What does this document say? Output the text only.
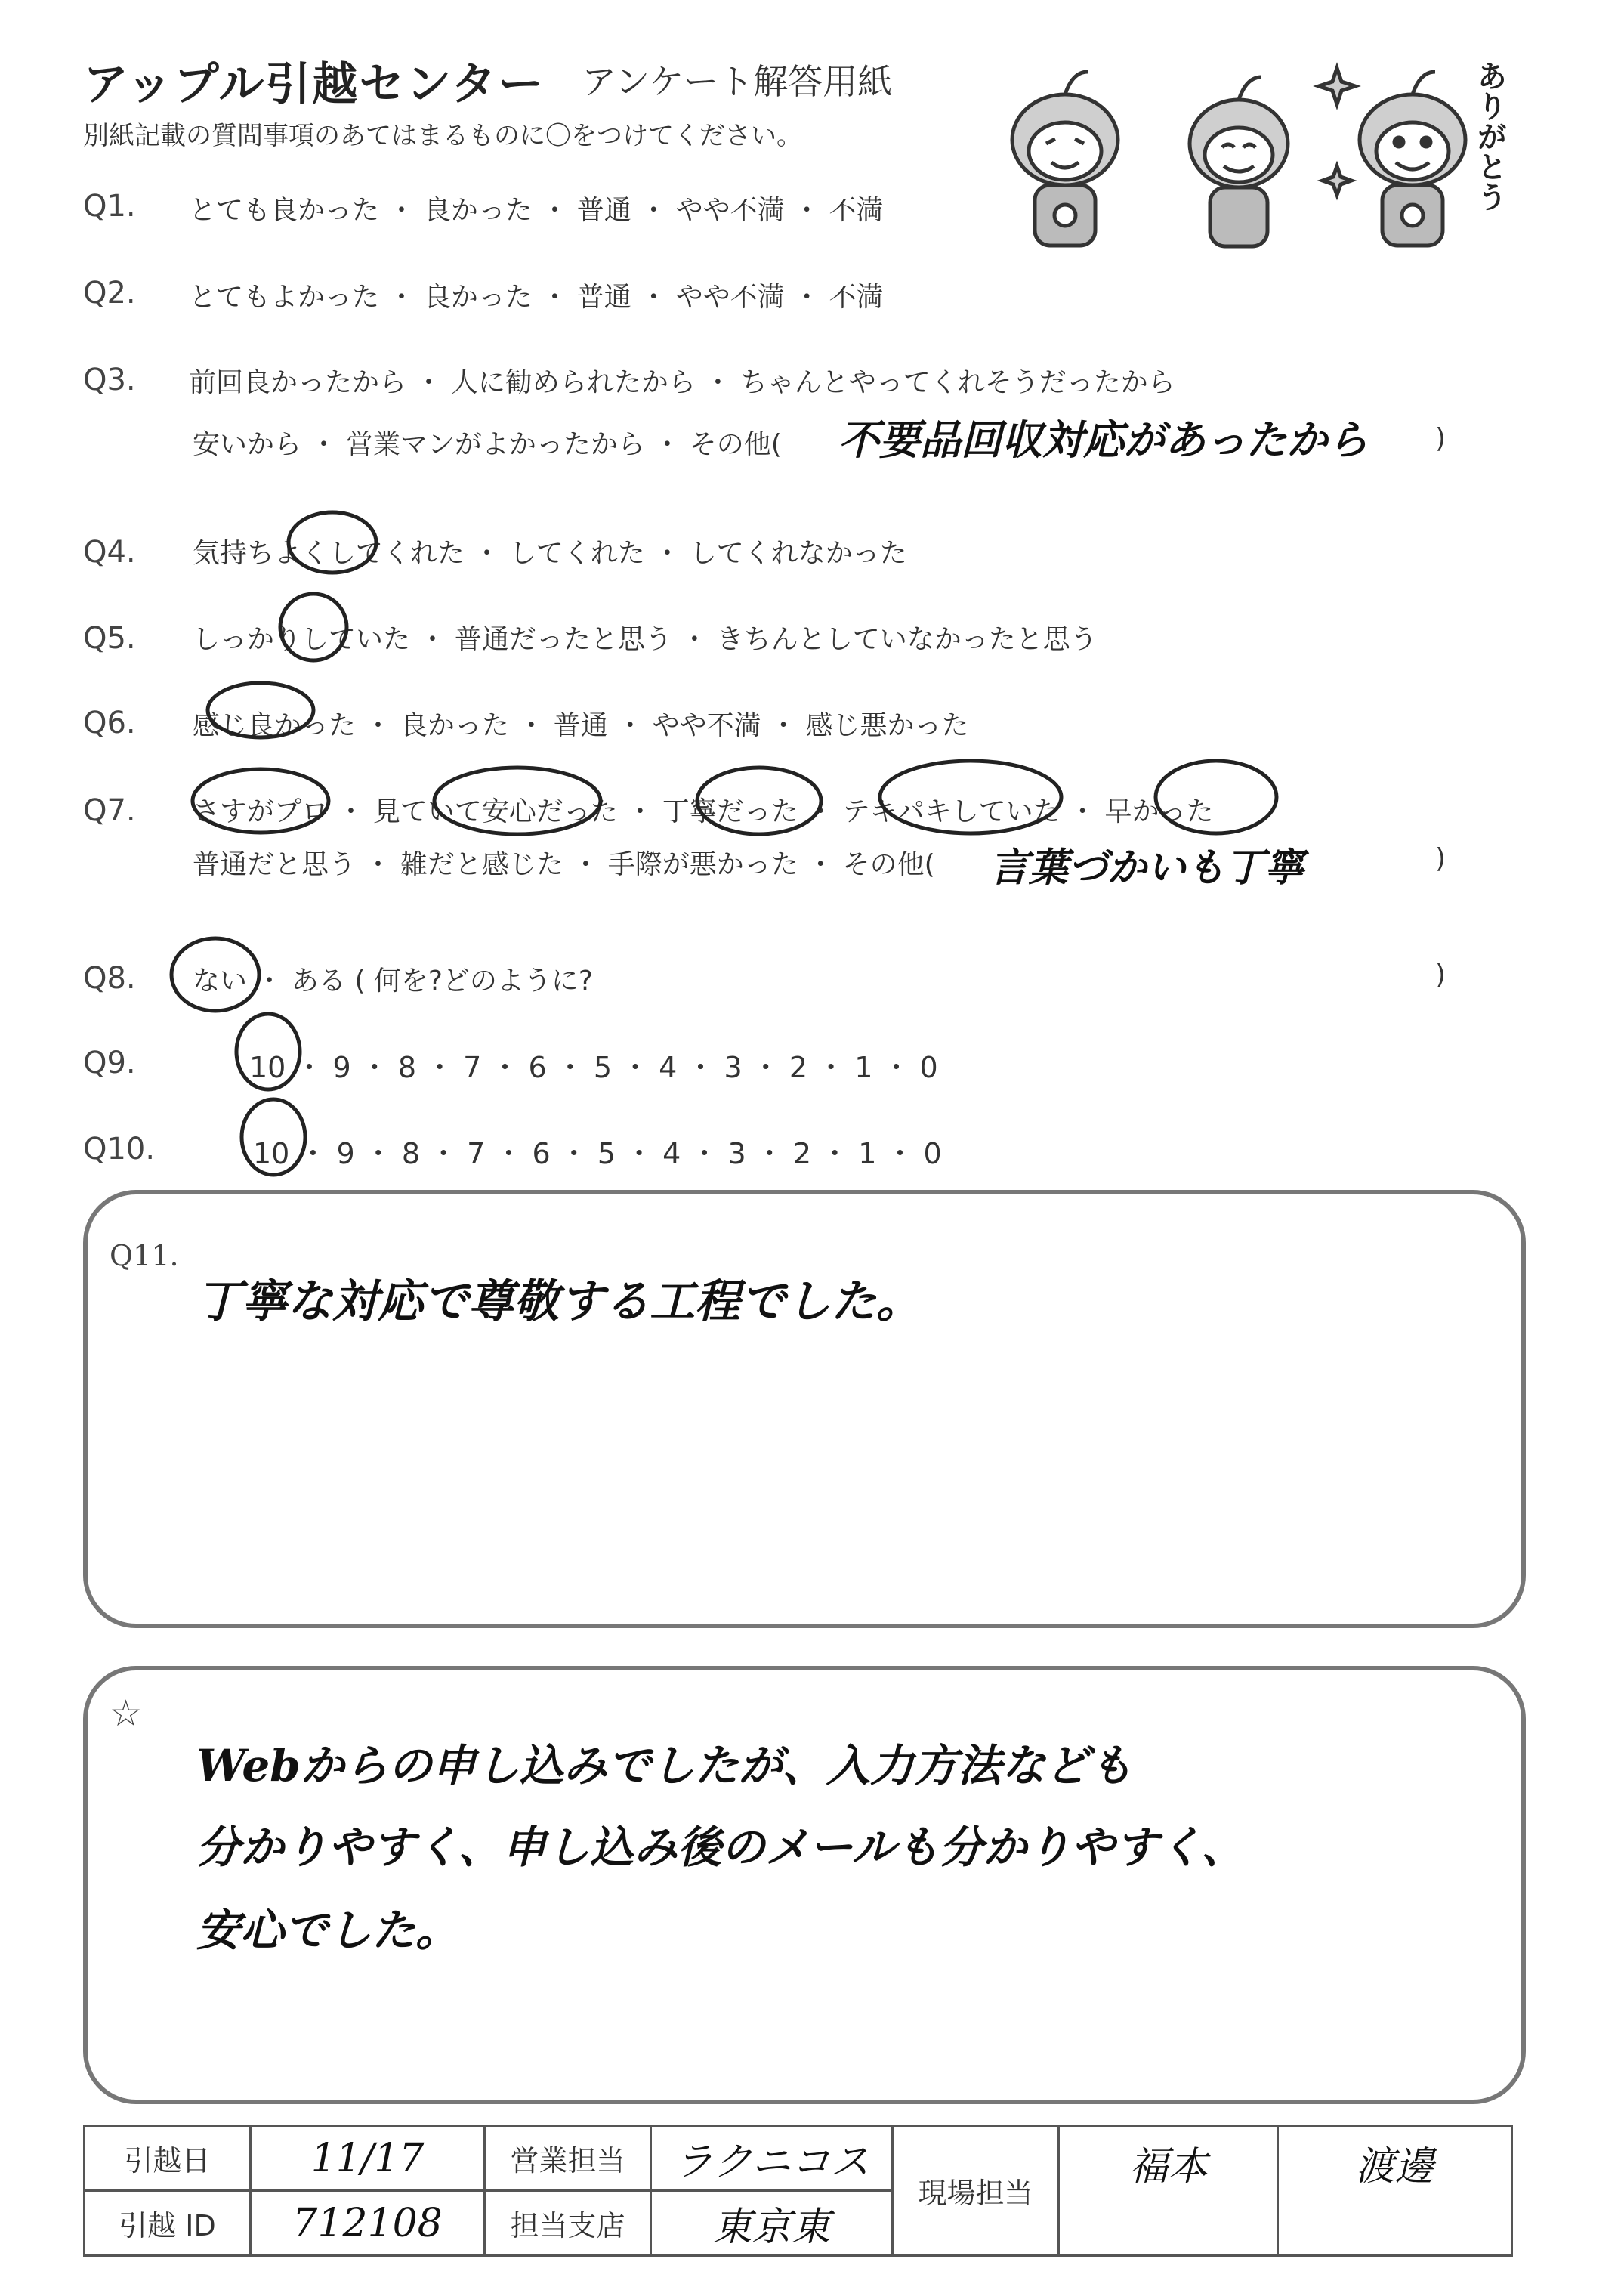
アップル引越センター アンケート解答用紙
別紙記載の質問事項のあてはまるものに〇をつけてください。	ありがとう
Q1. とても良かった ・ 良かった ・ 普通 ・ やや不満 ・ 不満
Q2. とてもよかった ・ 良かった ・ 普通 ・ やや不満 ・ 不満
Q3. 前回良かったから ・ 人に勧められたから ・ ちゃんとやってくれそうだったから
安いから ・ 営業マンがよかったから ・ その他( 不要品回収対応があったから )
Q4. 気持ちよくしてくれた ・ してくれた ・ してくれなかった
Q5. しっかりしていた ・ 普通だったと思う ・ きちんとしていなかったと思う
Q6. 感じ良かった ・ 良かった ・ 普通 ・ やや不満 ・ 感じ悪かった
Q7. さすがプロ ・ 見ていて安心だった ・ 丁寧だった ・ テキパキしていた ・ 早かった
普通だと思う ・ 雑だと感じた ・ 手際が悪かった ・ その他( 言葉づかいも丁寧	)
Q8. ない ・ ある ( 何を?どのように?	)
Q9.	10 ・ 9 ・ 8 ・ 7 ・ 6 ・ 5 ・ 4 ・ 3 ・ 2 ・ 1 ・ 0
Q10.	10 ・ 9 ・ 8 ・ 7 ・ 6 ・ 5 ・ 4 ・ 3 ・ 2 ・ 1 ・ 0
Q11.
丁寧な対応で尊敬する工程でした。
☆
Webからの申し込みでしたが、入力方法なども
分かりやすく、申し込み後のメールも分かりやすく、
安心でした。
引越日	11/17	営業担当	ラクニコス	現場担当	福本	渡邊
引越 ID	712108	担当支店	東京東			
